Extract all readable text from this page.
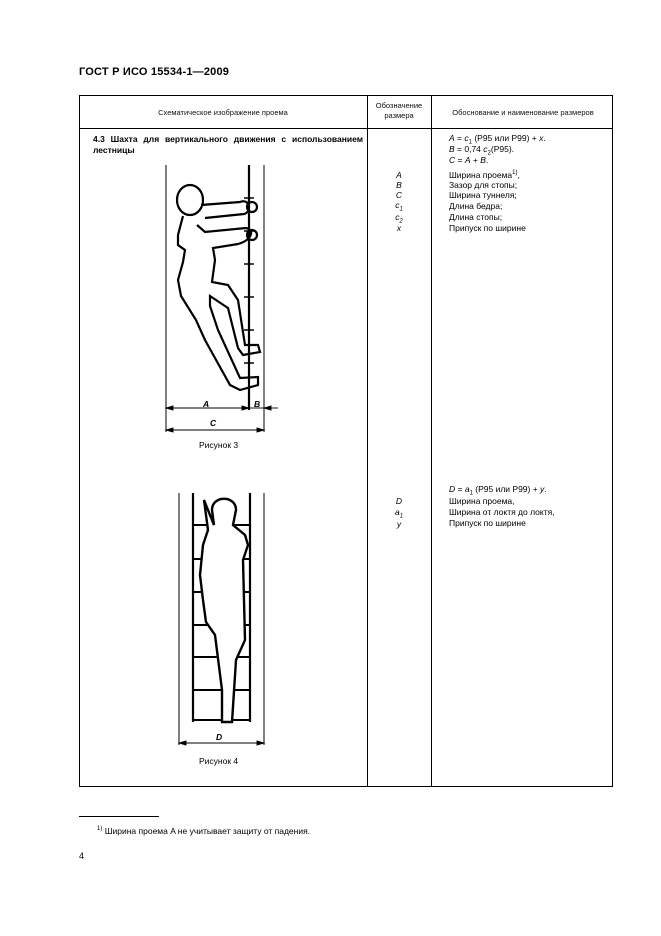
ГОСТ Р ИСО 15534-1—2009
Схематическое изображение проема
Обозначение размера	Обоснование и наименование размеров
4.3 Шахта для вертикального движения с использованием лестницы
$A = c_1$ (Р95 или Р99) + x.
B = 0,74 $c_2(Р95)$.
C = A + B.
A
B
C
$c_1$
$c_2$
x
Ширина проема$^{1)}$,
Зазор для стопы;
Ширина туннеля;
Длина бедра;
Длина стопы;
Припуск по ширине
A	B
C
Рисунок 3
$D = a_1$ (Р95 или Р99) + y.
D
$a_1$
y
Ширина проема,
Ширина от локтя до локтя,
Припуск по ширине
D
Рисунок 4
$^{1)}$ Ширина проема A не учитывает защиту от падения.
4
